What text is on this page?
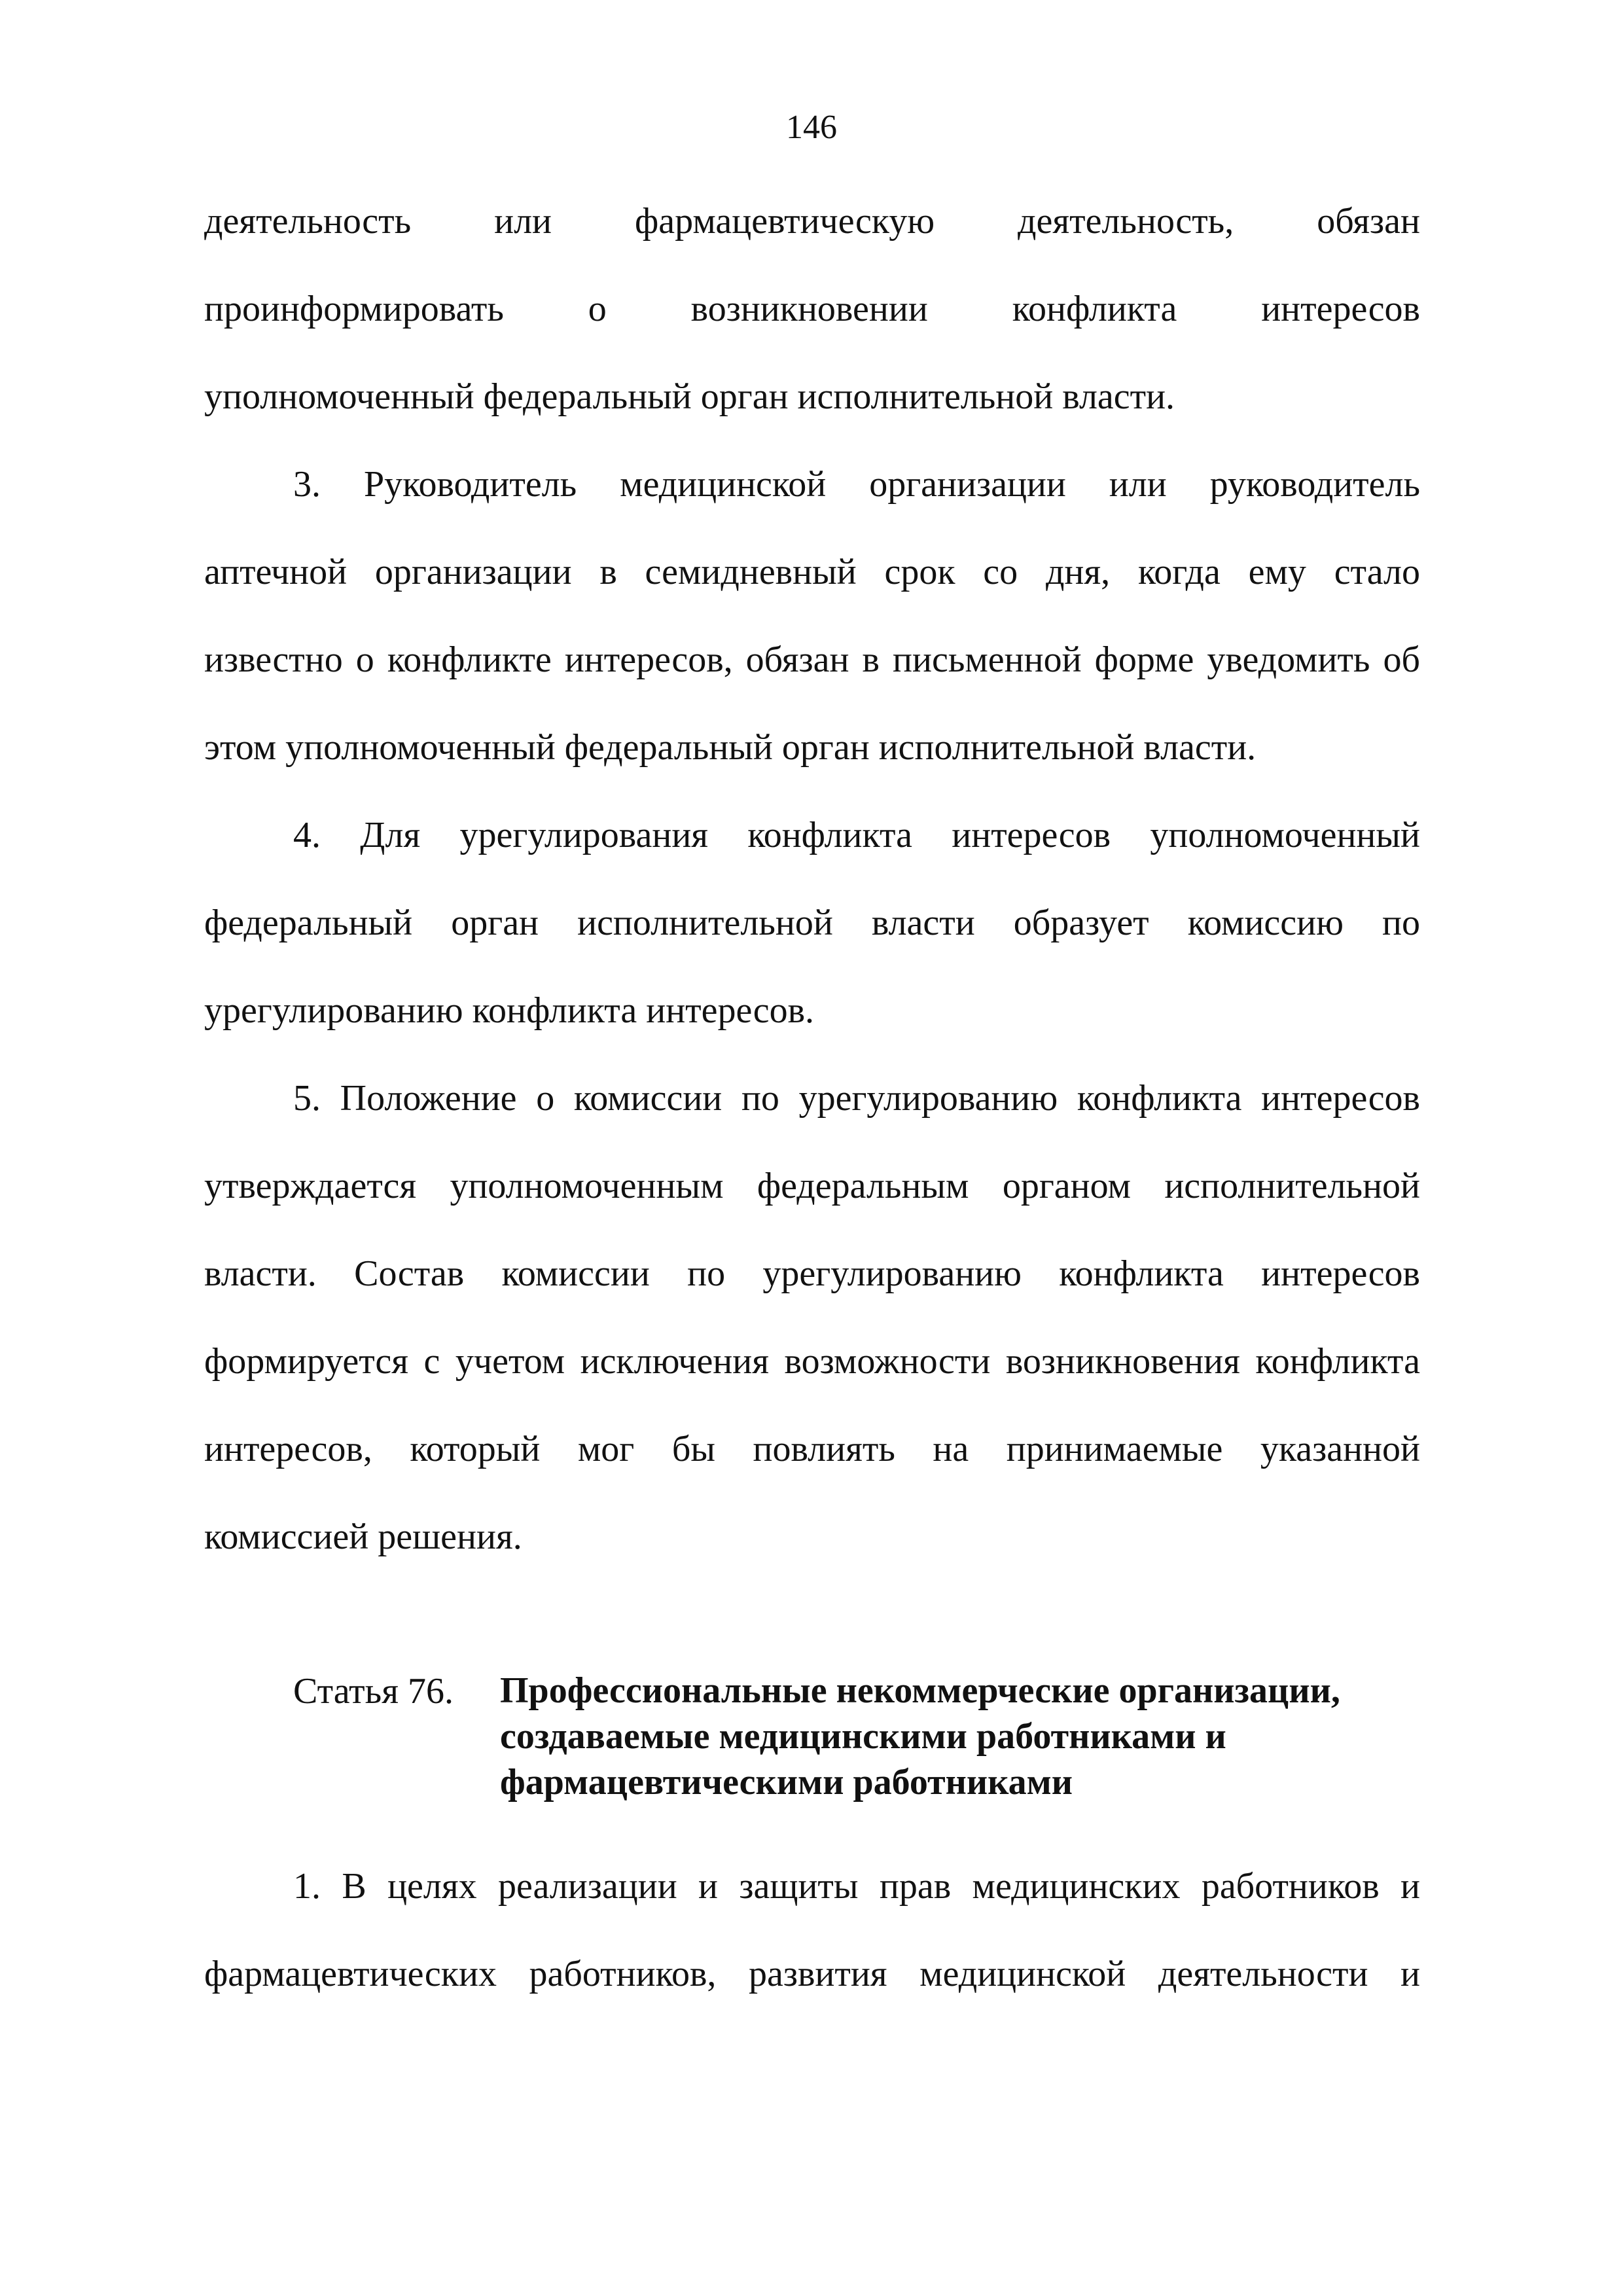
146
деятельность или фармацевтическую деятельность, обязан
проинформировать о возникновении конфликта интересов
уполномоченный федеральный орган исполнительной власти.
3. Руководитель медицинской организации или руководитель
аптечной организации в семидневный срок со дня, когда ему стало
известно о конфликте интересов, обязан в письменной форме уведомить об
этом уполномоченный федеральный орган исполнительной власти.
4. Для урегулирования конфликта интересов уполномоченный
федеральный орган исполнительной власти образует комиссию по
урегулированию конфликта интересов.
5. Положение о комиссии по урегулированию конфликта интересов
утверждается уполномоченным федеральным органом исполнительной
власти. Состав комиссии по урегулированию конфликта интересов
формируется с учетом исключения возможности возникновения конфликта
интересов, который мог бы повлиять на принимаемые указанной
комиссией решения.
Статья 76. Профессиональные некоммерческие организации,
создаваемые медицинскими работниками и
фармацевтическими работниками
1. В целях реализации и защиты прав медицинских работников и
фармацевтических работников, развития медицинской деятельности и
